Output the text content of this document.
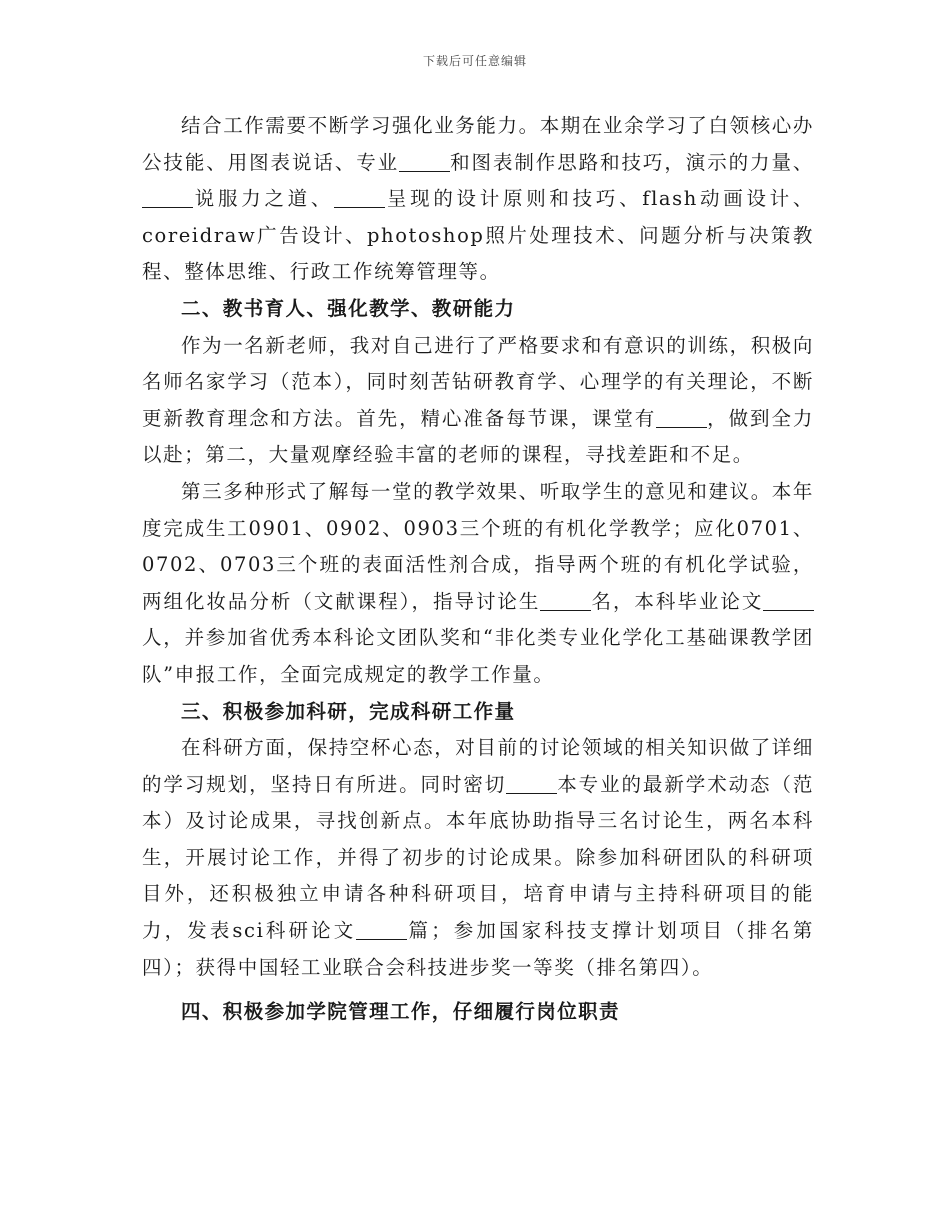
下载后可任意编辑

结合工作需要不断学习强化业务能力。本期在业余学习了白领核心办公技能、用图表说话、专业	和图表制作思路和技巧，演示的力量、说服力之道、	呈现的设计原则和技巧、flash动画设计、coreidraw广告设计、photoshop照片处理技术、问题分析与决策教程、整体思维、行政工作统筹管理等。

二、教书育人、强化教学、教研能力

作为一名新老师，我对自己进行了严格要求和有意识的训练，积极向名师名家学习（范本），同时刻苦钻研教育学、心理学的有关理论，不断更新教育理念和方法。首先，精心准备每节课，课堂有	，做到全力以赴；第二，大量观摩经验丰富的老师的课程，寻找差距和不足。

第三多种形式了解每一堂的教学效果、听取学生的意见和建议。本年度完成生工0901、0902、0903三个班的有机化学教学；应化0701、0702、0703三个班的表面活性剂合成，指导两个班的有机化学试验，两组化妆品分析（文献课程），指导讨论生	名，本科毕业论文人，并参加省优秀本科论文团队奖和“非化类专业化学化工基础课教学团队”申报工作，全面完成规定的教学工作量。

三、积极参加科研，完成科研工作量

在科研方面，保持空杯心态，对目前的讨论领域的相关知识做了详细的学习规划，坚持日有所进。同时密切	本专业的最新学术动态（范本）及讨论成果，寻找创新点。本年底协助指导三名讨论生，两名本科生，开展讨论工作，并得了初步的讨论成果。除参加科研团队的科研项目外，还积极独立申请各种科研项目，培育申请与主持科研项目的能力，发表sci科研论文	篇；参加国家科技支撑计划项目（排名第四）；获得中国轻工业联合会科技进步奖一等奖（排名第四）。

四、积极参加学院管理工作，仔细履行岗位职责
